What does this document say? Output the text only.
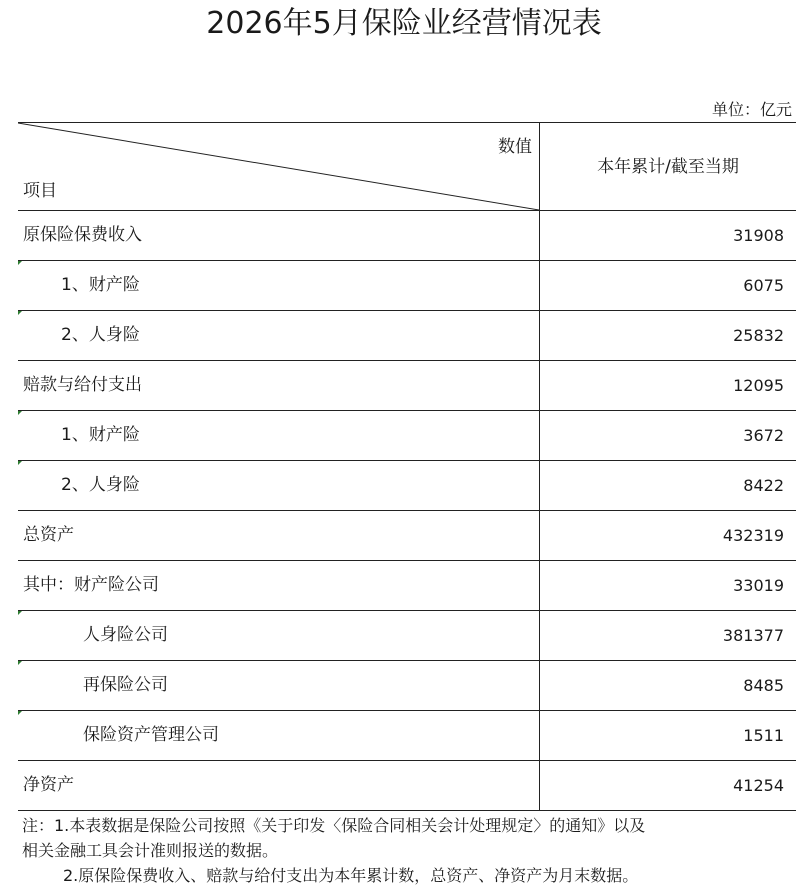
2026年5月保险业经营情况表
单位：亿元
数值
项目
本年累计/截至当期
原保险保费收入	31908
1、财产险	6075
2、人身险	25832
赔款与给付支出	12095
1、财产险	3672
2、人身险	8422
总资产	432319
其中：财产险公司	33019
人身险公司	381377
再保险公司	8485
保险资产管理公司	1511
净资产	41254
注：1.本表数据是保险公司按照《关于印发〈保险合同相关会计处理规定〉的通知》以及
相关金融工具会计准则报送的数据。
2.原保险保费收入、赔款与给付支出为本年累计数，总资产、净资产为月末数据。
